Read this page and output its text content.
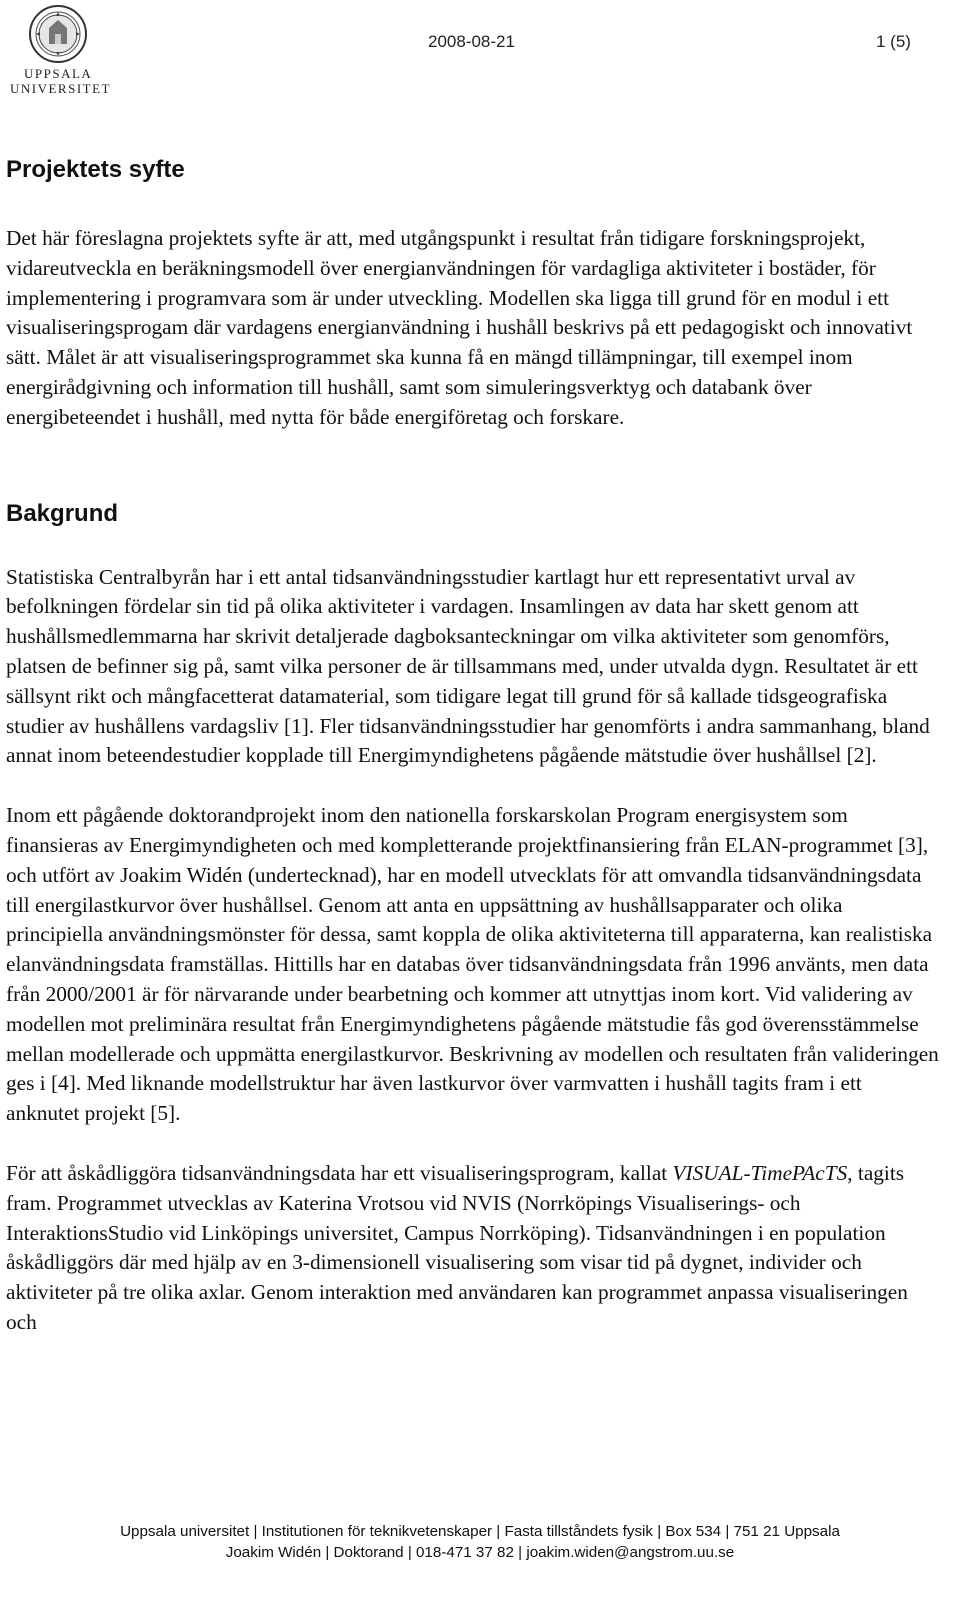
UPPSALA
UNIVERSITET
2008-08-21	1 (5)
Projektets syfte

Det här föreslagna projektets syfte är att, med utgångspunkt i resultat från tidigare forskningsprojekt, vidareutveckla en beräkningsmodell över energianvändningen för vardagliga aktiviteter i bostäder, för implementering i programvara som är under utveckling. Modellen ska ligga till grund för en modul i ett visualiseringsprogam där vardagens energianvändning i hushåll beskrivs på ett pedagogiskt och innovativt sätt. Målet är att visualiseringsprogrammet ska kunna få en mängd tillämpningar, till exempel inom energirådgivning och information till hushåll, samt som simuleringsverktyg och databank över energibeteendet i hushåll, med nytta för både energiföretag och forskare.

Bakgrund

Statistiska Centralbyrån har i ett antal tidsanvändningsstudier kartlagt hur ett representativt urval av befolkningen fördelar sin tid på olika aktiviteter i vardagen. Insamlingen av data har skett genom att hushållsmedlemmarna har skrivit detaljerade dagboksanteckningar om vilka aktiviteter som genomförs, platsen de befinner sig på, samt vilka personer de är tillsammans med, under utvalda dygn. Resultatet är ett sällsynt rikt och mångfacetterat datamaterial, som tidigare legat till grund för så kallade tidsgeografiska studier av hushållens vardagsliv [1]. Fler tidsanvändningsstudier har genomförts i andra sammanhang, bland annat inom beteendestudier kopplade till Energimyndighetens pågående mätstudie över hushållsel [2].

Inom ett pågående doktorandprojekt inom den nationella forskarskolan Program energisystem som finansieras av Energimyndigheten och med kompletterande projektfinansiering från ELAN-programmet [3], och utfört av Joakim Widén (undertecknad), har en modell utvecklats för att omvandla tidsanvändningsdata till energilastkurvor över hushållsel. Genom att anta en uppsättning av hushållsapparater och olika principiella användningsmönster för dessa, samt koppla de olika aktiviteterna till apparaterna, kan realistiska elanvändningsdata framställas. Hittills har en databas över tidsanvändningsdata från 1996 använts, men data från 2000/2001 är för närvarande under bearbetning och kommer att utnyttjas inom kort. Vid validering av modellen mot preliminära resultat från Energimyndighetens pågående mätstudie fås god överensstämmelse mellan modellerade och uppmätta energilastkurvor. Beskrivning av modellen och resultaten från valideringen ges i [4]. Med liknande modellstruktur har även lastkurvor över varmvatten i hushåll tagits fram i ett anknutet projekt [5].

För att åskådliggöra tidsanvändningsdata har ett visualiseringsprogram, kallat VISUAL-TimePAcTS, tagits fram. Programmet utvecklas av Katerina Vrotsou vid NVIS (Norrköpings Visualiserings- och InteraktionsStudio vid Linköpings universitet, Campus Norrköping). Tidsanvändningen i en population åskådliggörs där med hjälp av en 3-dimensionell visualisering som visar tid på dygnet, individer och aktiviteter på tre olika axlar. Genom interaktion med användaren kan programmet anpassa visualiseringen och

Uppsala universitet | Institutionen för teknikvetenskaper | Fasta tillståndets fysik | Box 534 | 751 21 Uppsala
Joakim Widén | Doktorand | 018-471 37 82 | joakim.widen@angstrom.uu.se
